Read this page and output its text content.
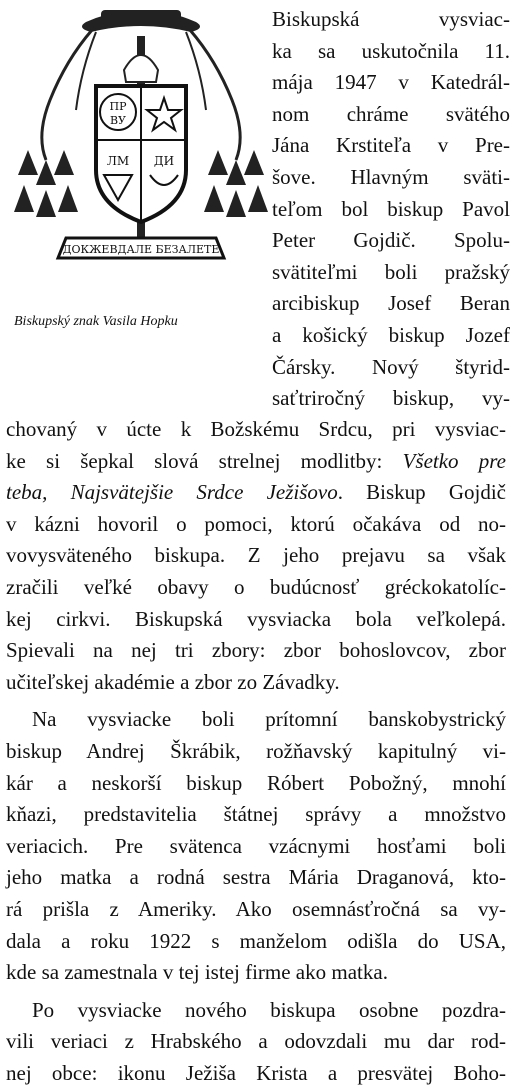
ПР
ВУ
ЛМ ДИ
ДОКЖЕВДАЛЕ БЕЗАЛЕТЕ
Biskupský znak Vasila Hopku
Biskupská vysviac-
ka sa uskutočnila 11.
mája 1947 v Katedrál-
nom chráme svätého
Jána Krstiteľa v Pre-
šove. Hlavným sväti-
teľom bol biskup Pavol
Peter Gojdič. Spolu-
svätiteľmi boli pražský
arcibiskup Josef Beran
a košický biskup Jozef
Čársky. Nový štyrid-
saťtriročný biskup, vy-
chovaný v úcte k Božskému Srdcu, pri vysviac-
ke si šepkal slová strelnej modlitby: Všetko pre
teba, Najsvätejšie Srdce Ježišovo. Biskup Gojdič
v kázni hovoril o pomoci, ktorú očakáva od no-
vovysväteného biskupa. Z jeho prejavu sa však
zračili veľké obavy o budúcnosť gréckokatolíc-
kej cirkvi. Biskupská vysviacka bola veľkolepá.
Spievali na nej tri zbory: zbor bohoslovcov, zbor
učiteľskej akadémie a zbor zo Závadky.
Na vysviacke boli prítomní banskobystrický
biskup Andrej Škrábik, rožňavský kapitulný vi-
kár a neskorší biskup Róbert Pobožný, mnohí
kňazi, predstavitelia štátnej správy a množstvo
veriacich. Pre svätenca vzácnymi hosťami boli
jeho matka a rodná sestra Mária Draganová, kto-
rá prišla z Ameriky. Ako osemnásťročná sa vy-
dala a roku 1922 s manželom odišla do USA,
kde sa zamestnala v tej istej firme ako matka.
Po vysviacke nového biskupa osobne pozdra-
vili veriaci z Hrabského a odovzdali mu dar rod-
nej obce: ikonu Ježiša Krista a presvätej Boho-
